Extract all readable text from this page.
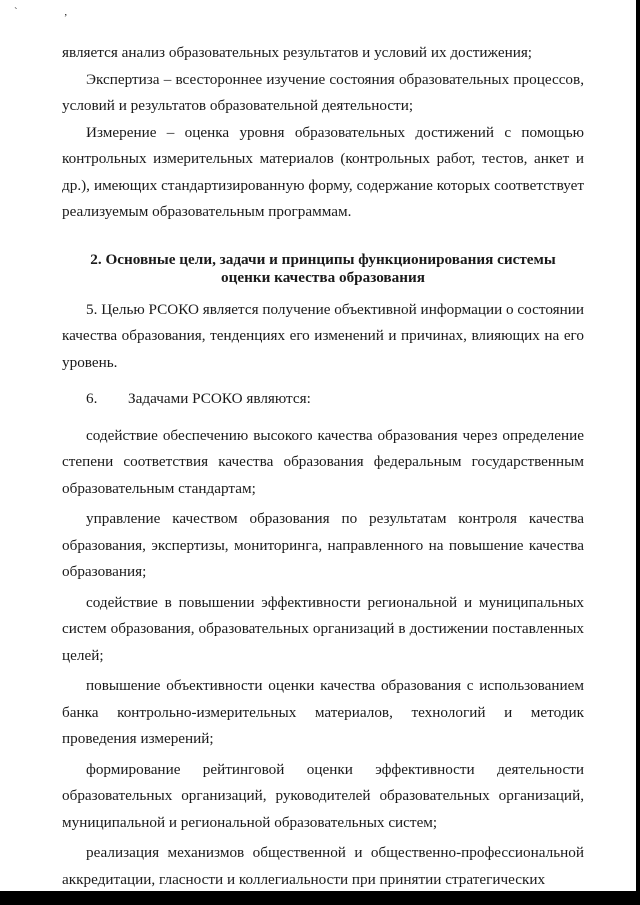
` ,

является анализ образовательных результатов и условий их достижения;

Экспертиза – всестороннее изучение состояния образовательных процессов, условий и результатов образовательной деятельности;

Измерение – оценка уровня образовательных достижений с помощью контрольных измерительных материалов (контрольных работ, тестов, анкет и др.), имеющих стандартизированную форму, содержание которых соответствует реализуемым образовательным программам.

2. Основные цели, задачи и принципы функционирования системы
оценки качества образования

5. Целью РСОКО является получение объективной информации о состоянии качества образования, тенденциях его изменений и причинах, влияющих на его уровень.

6. Задачами РСОКО являются:

содействие обеспечению высокого качества образования через определение степени соответствия качества образования федеральным государственным образовательным стандартам;

управление качеством образования по результатам контроля качества образования, экспертизы, мониторинга, направленного на повышение качества образования;

содействие в повышении эффективности региональной и муниципальных систем образования, образовательных организаций в достижении поставленных целей;

повышение объективности оценки качества образования с использованием банка контрольно-измерительных материалов, технологий и методик проведения измерений;

формирование рейтинговой оценки эффективности деятельности образовательных организаций, руководителей образовательных организаций, муниципальной и региональной образовательных систем;

реализация механизмов общественной и общественно-профессиональной аккредитации, гласности и коллегиальности при принятии стратегических
